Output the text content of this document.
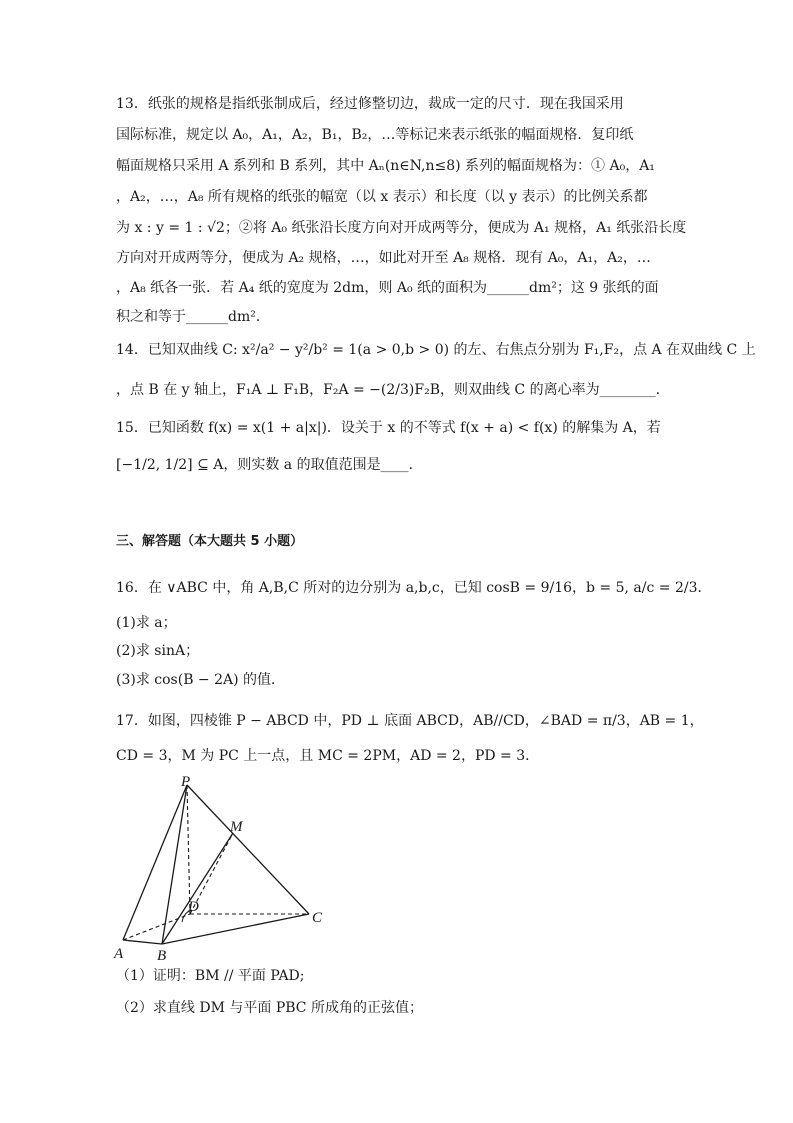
13．纸张的规格是指纸张制成后，经过修整切边，裁成一定的尺寸．现在我国采用
国际标准，规定以 A₀，A₁，A₂，B₁，B₂，…等标记来表示纸张的幅面规格．复印纸
幅面规格只采用 A 系列和 B 系列，其中 Aₙ(n∈N,n≤8) 系列的幅面规格为：① A₀，A₁
，A₂，…，A₈ 所有规格的纸张的幅宽（以 x 表示）和长度（以 y 表示）的比例关系都
为 x : y = 1 : √2；②将 A₀ 纸张沿长度方向对开成两等分，便成为 A₁ 规格，A₁ 纸张沿长度
方向对开成两等分，便成为 A₂ 规格，…，如此对开至 A₈ 规格．现有 A₀，A₁，A₂，…
，A₈ 纸各一张．若 A₄ 纸的宽度为 2dm，则 A₀ 纸的面积为______dm²；这 9 张纸的面
积之和等于______dm²．
14．已知双曲线 C: x²/a² − y²/b² = 1(a > 0,b > 0) 的左、右焦点分别为 F₁,F₂，点 A 在双曲线 C 上
，点 B 在 y 轴上，F₁A ⊥ F₁B，F₂A = −(2/3)F₂B，则双曲线 C 的离心率为________.
15．已知函数 f(x) = x(1 + a|x|)．设关于 x 的不等式 f(x + a) < f(x) 的解集为 A，若
[−1/2, 1/2] ⊆ A，则实数 a 的取值范围是____.
三、解答题（本大题共 5 小题）
16．在 ∨ABC 中，角 A,B,C 所对的边分别为 a,b,c，已知 cosB = 9/16，b = 5, a/c = 2/3．
(1)求 a；
(2)求 sinA；
(3)求 cos(B − 2A) 的值．
17．如图，四棱锥 P − ABCD 中，PD ⊥ 底面 ABCD，AB//CD，∠BAD = π/3，AB = 1，
CD = 3，M 为 PC 上一点，且 MC = 2PM，AD = 2，PD = 3．
P
M
D
C
A B
（1）证明：BM // 平面 PAD;
（2）求直线 DM 与平面 PBC 所成角的正弦值；
